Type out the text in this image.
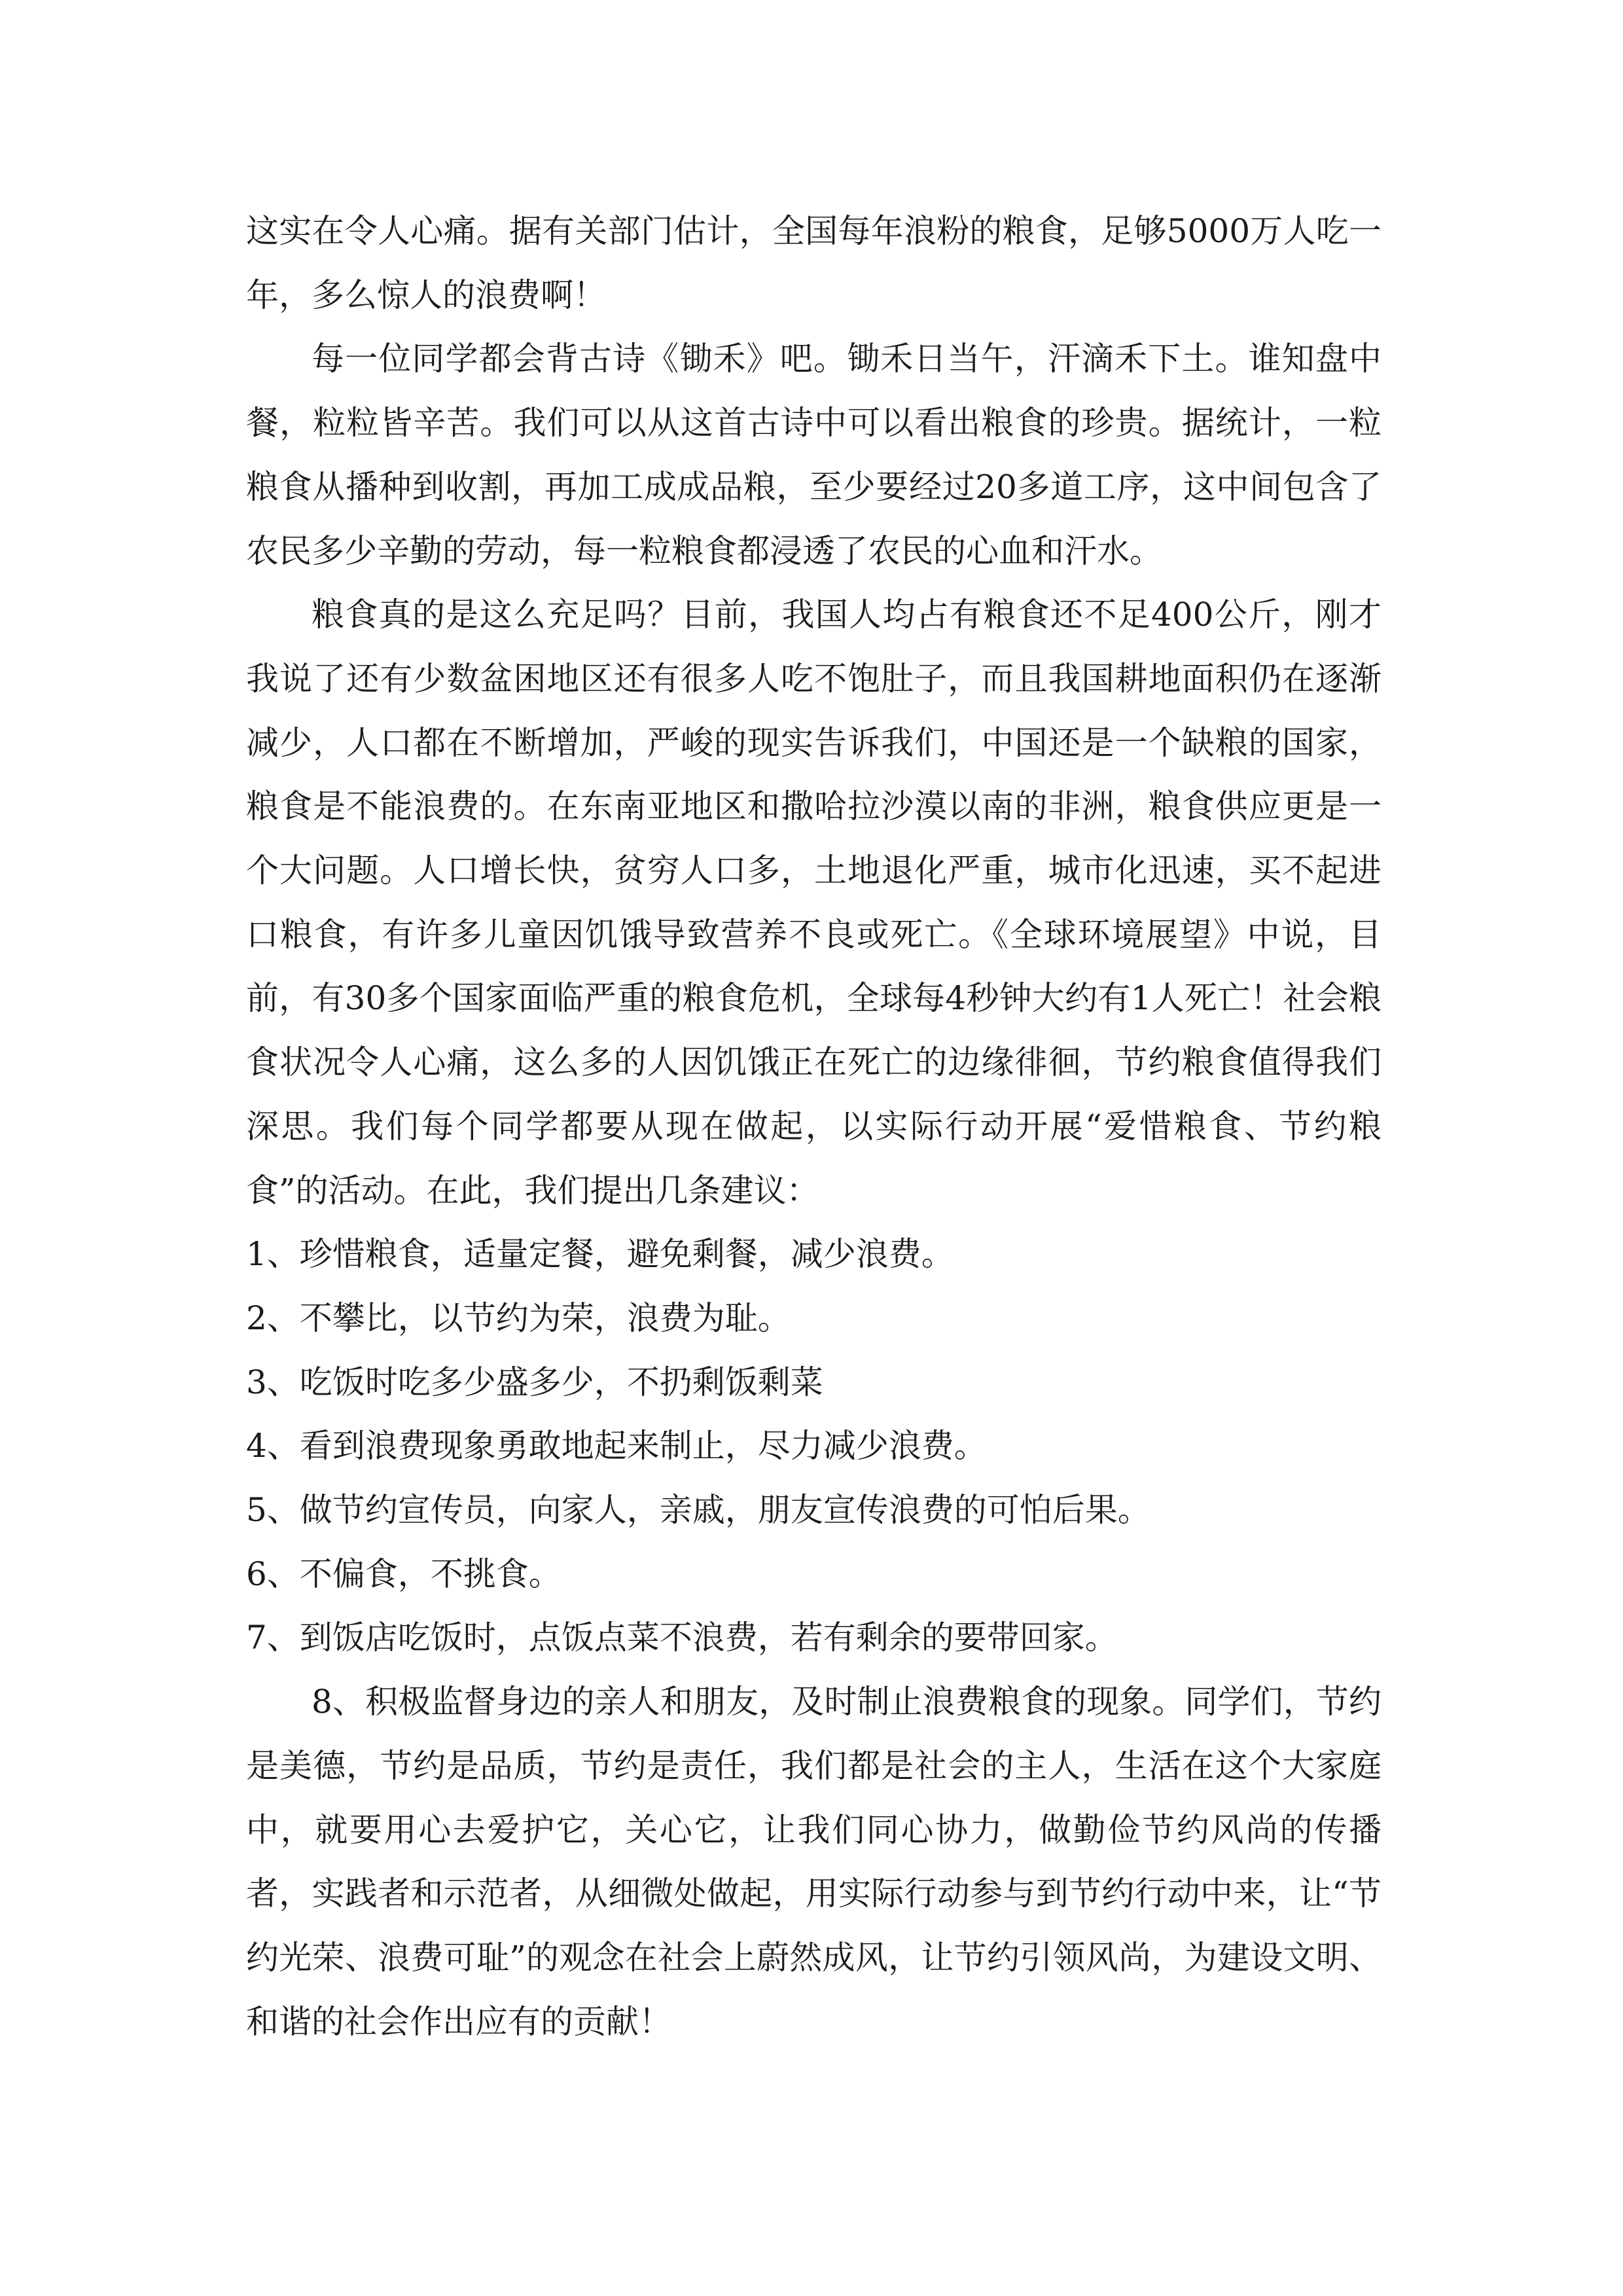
这实在令人心痛。据有关部门估计，全国每年浪粉的粮食，足够5000万人吃一年，多么惊人的浪费啊！

每一位同学都会背古诗《锄禾》吧。锄禾日当午，汗滴禾下土。谁知盘中餐，粒粒皆辛苦。我们可以从这首古诗中可以看出粮食的珍贵。据统计，一粒粮食从播种到收割，再加工成成品粮，至少要经过20多道工序，这中间包含了农民多少辛勤的劳动，每一粒粮食都浸透了农民的心血和汗水。

粮食真的是这么充足吗？目前，我国人均占有粮食还不足400公斤，刚才我说了还有少数盆困地区还有很多人吃不饱肚子，而且我国耕地面积仍在逐渐减少，人口都在不断增加，严峻的现实告诉我们，中国还是一个缺粮的国家，粮食是不能浪费的。在东南亚地区和撒哈拉沙漠以南的非洲，粮食供应更是一个大问题。人口增长快，贫穷人口多，土地退化严重，城市化迅速，买不起进口粮食，有许多儿童因饥饿导致营养不良或死亡。《全球环境展望》中说，目前，有30多个国家面临严重的粮食危机，全球每4秒钟大约有1人死亡！社会粮食状况令人心痛，这么多的人因饥饿正在死亡的边缘徘徊，节约粮食值得我们深思。我们每个同学都要从现在做起，以实际行动开展“爱惜粮食、节约粮食”的活动。在此，我们提出几条建议：

1、珍惜粮食，适量定餐，避免剩餐，减少浪费。

2、不攀比，以节约为荣，浪费为耻。

3、吃饭时吃多少盛多少，不扔剩饭剩菜

4、看到浪费现象勇敢地起来制止，尽力减少浪费。

5、做节约宣传员，向家人，亲戚，朋友宣传浪费的可怕后果。

6、不偏食，不挑食。

7、到饭店吃饭时，点饭点菜不浪费，若有剩余的要带回家。

8、积极监督身边的亲人和朋友，及时制止浪费粮食的现象。同学们，节约是美德，节约是品质，节约是责任，我们都是社会的主人，生活在这个大家庭中，就要用心去爱护它，关心它，让我们同心协力，做勤俭节约风尚的传播者，实践者和示范者，从细微处做起，用实际行动参与到节约行动中来，让“节约光荣、浪费可耻”的观念在社会上蔚然成风，让节约引领风尚，为建设文明、和谐的社会作出应有的贡献！
